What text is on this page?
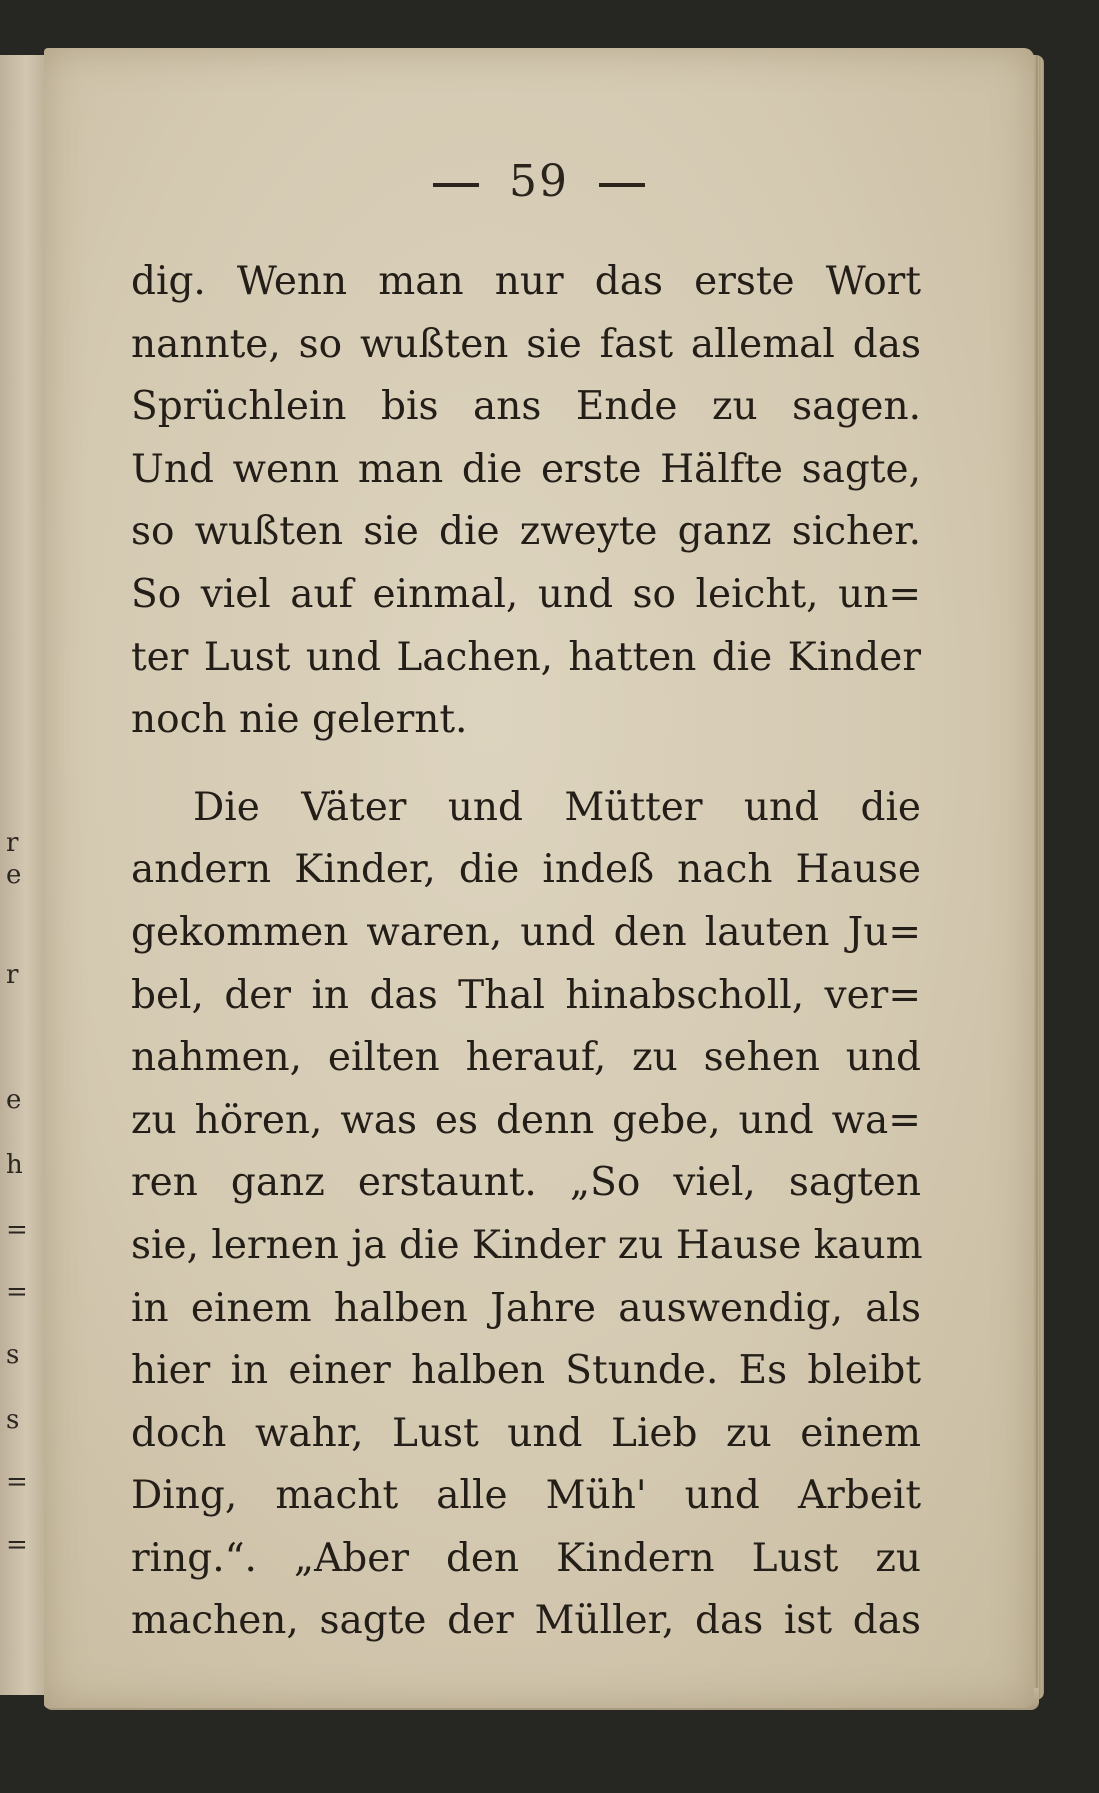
r
e
r
e
h
=
=
s
s
=
=
59
dig. Wenn man nur das erste Wort
nannte, so wußten sie fast allemal das
Sprüchlein bis ans Ende zu sagen.
Und wenn man die erste Hälfte sagte,
so wußten sie die zweyte ganz sicher.
So viel auf einmal, und so leicht, un=
ter Lust und Lachen, hatten die Kinder
noch nie gelernt.
Die Väter und Mütter und die
andern Kinder, die indeß nach Hause
gekommen waren, und den lauten Ju=
bel, der in das Thal hinabscholl, ver=
nahmen, eilten herauf, zu sehen und
zu hören, was es denn gebe, und wa=
ren ganz erstaunt. „So viel, sagten
sie, lernen ja die Kinder zu Hause kaum
in einem halben Jahre auswendig, als
hier in einer halben Stunde. Es bleibt
doch wahr, Lust und Lieb zu einem
Ding, macht alle Müh' und Arbeit
ring.“. „Aber den Kindern Lust zu
machen, sagte der Müller, das ist das
